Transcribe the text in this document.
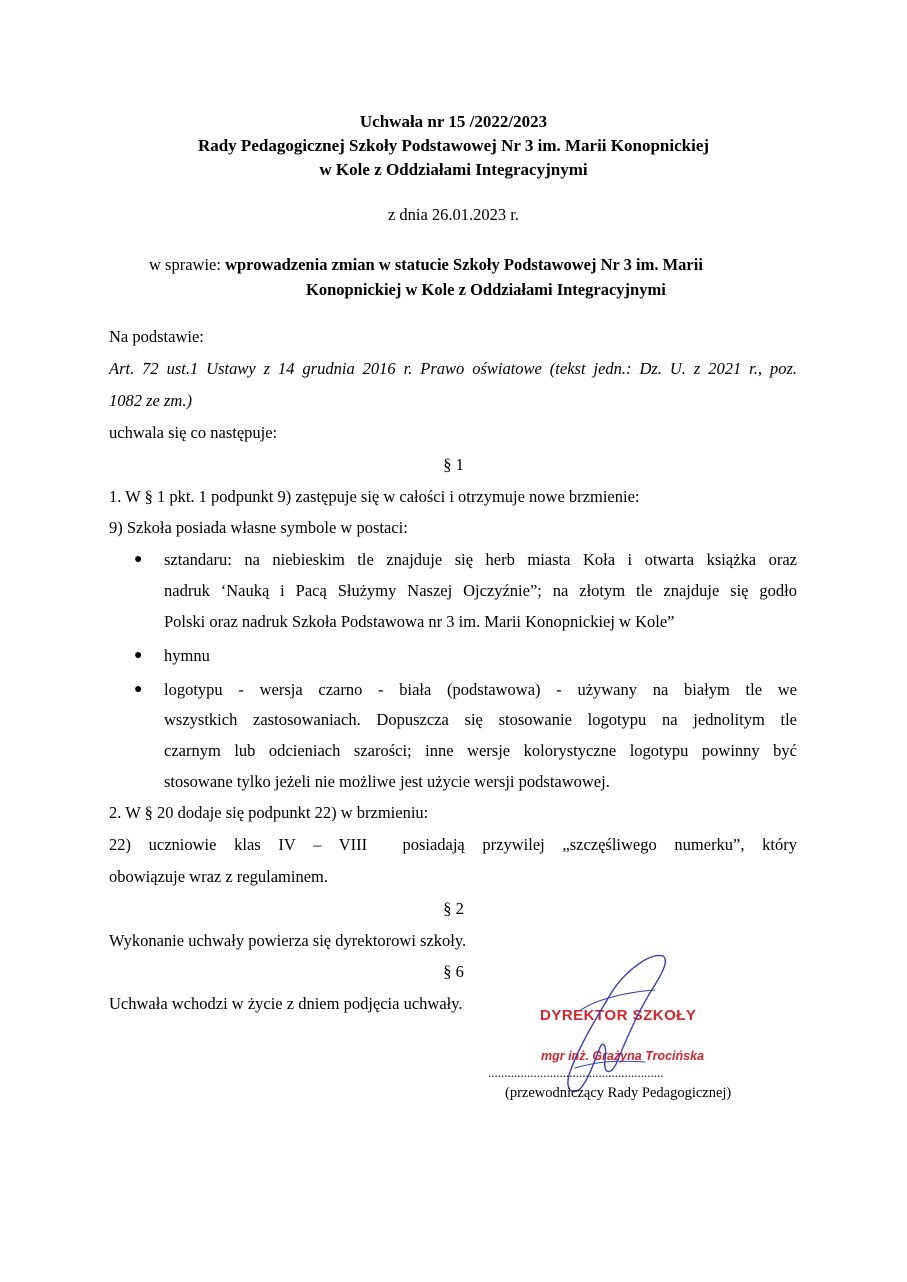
Uchwała nr 15 /2022/2023
Rady Pedagogicznej Szkoły Podstawowej Nr 3 im. Marii Konopnickiej
w Kole z Oddziałami Integracyjnymi
z dnia 26.01.2023 r.
w sprawie: wprowadzenia zmian w statucie Szkoły Podstawowej Nr 3 im. Marii
Konopnickiej w Kole z Oddziałami Integracyjnymi
Na podstawie:
Art. 72 ust.1 Ustawy z 14 grudnia 2016 r. Prawo oświatowe (tekst jedn.: Dz. U. z 2021 r., poz.
1082 ze zm.)
uchwala się co następuje:
§ 1
1. W § 1 pkt. 1 podpunkt 9) zastępuje się w całości i otrzymuje nowe brzmienie:
9) Szkoła posiada własne symbole w postaci:
● sztandaru: na niebieskim tle znajduje się herb miasta Koła i otwarta książka oraz
nadruk ‘Nauką i Pacą Służymy Naszej Ojczyźnie”; na złotym tle znajduje się godło
Polski oraz nadruk Szkoła Podstawowa nr 3 im. Marii Konopnickiej w Kole”
● hymnu
● logotypu - wersja czarno - biała (podstawowa) - używany na białym tle we
wszystkich zastosowaniach. Dopuszcza się stosowanie logotypu na jednolitym tle
czarnym lub odcieniach szarości; inne wersje kolorystyczne logotypu powinny być
stosowane tylko jeżeli nie możliwe jest użycie wersji podstawowej.
2. W § 20 dodaje się podpunkt 22) w brzmieniu:
22) uczniowie klas IV – VIII  posiadają przywilej „szczęśliwego numerku”, który
obowiązuje wraz z regulaminem.
§ 2
Wykonanie uchwały powierza się dyrektorowi szkoły.
§ 6
Uchwała wchodzi w życie z dniem podjęcia uchwały.
DYREKTOR SZKOŁY
mgr inż. Grażyna Trocińska
......................................................
(przewodniczący Rady Pedagogicznej)
